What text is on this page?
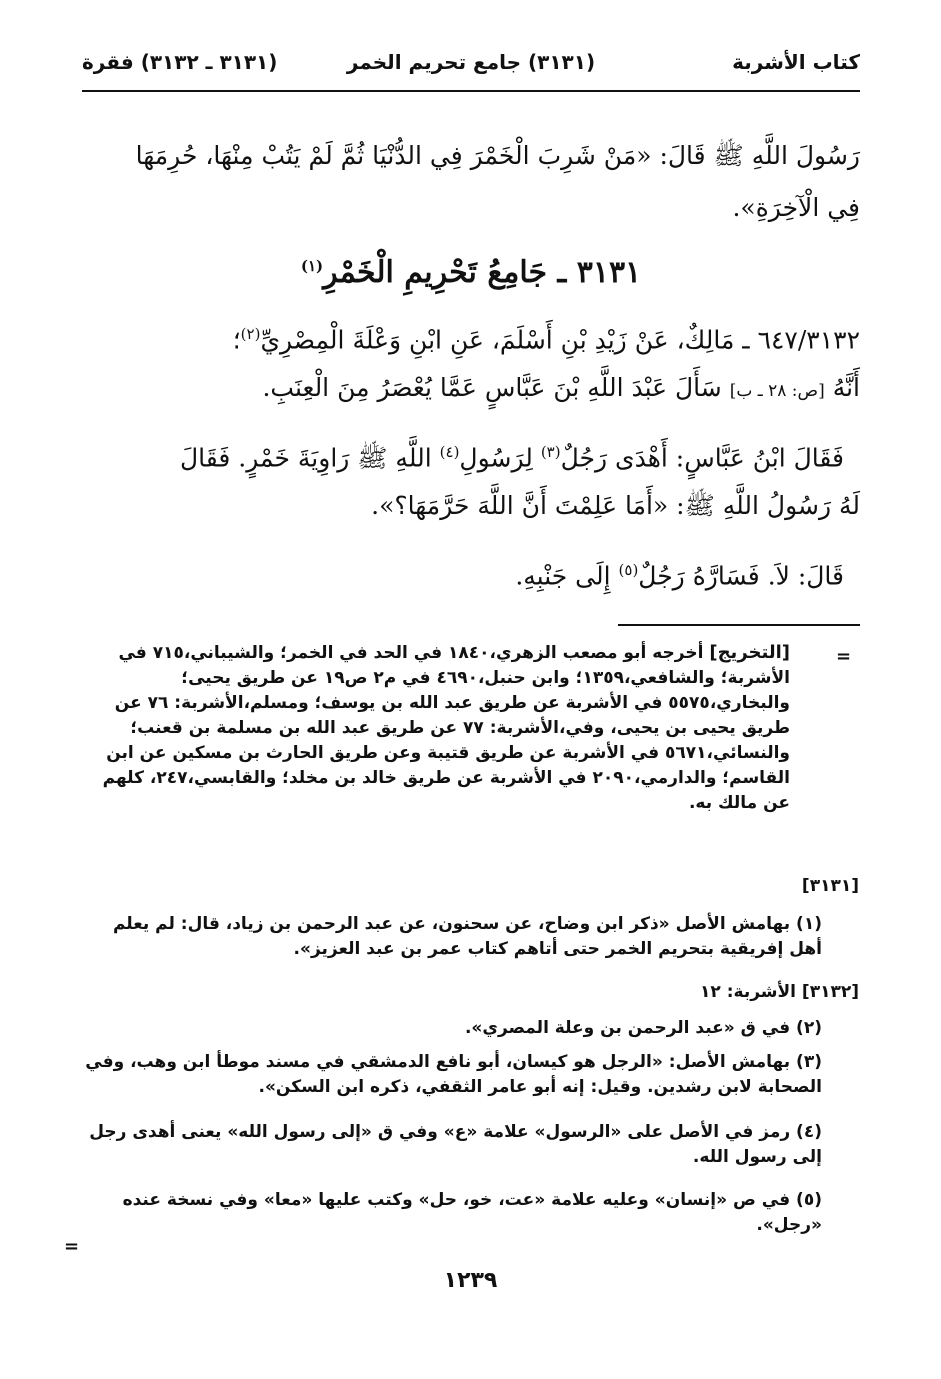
كتاب الأشربة
(٣١٣١) جامع تحريم الخمر
(٣١٣١ ـ ٣١٣٢) فقرة
رَسُولَ اللَّهِ ﷺ قَالَ: «مَنْ شَرِبَ الْخَمْرَ فِي الدُّنْيَا ثُمَّ لَمْ يَتُبْ مِنْهَا، حُرِمَهَا
فِي الْآخِرَةِ».
٣١٣١ ـ جَامِعُ تَحْرِيمِ الْخَمْرِ$^{(١)}$
٦٤٧/٣١٣٢ ـ مَالِكٌ، عَنْ زَيْدِ بْنِ أَسْلَمَ، عَنِ ابْنِ وَعْلَةَ الْمِصْرِيِّ$^{(٢)}$؛
أَنَّهُ [ص: ٢٨ ـ ب] سَأَلَ عَبْدَ اللَّهِ بْنَ عَبَّاسٍ عَمَّا يُعْصَرُ مِنَ الْعِنَبِ.
فَقَالَ ابْنُ عَبَّاسٍ: أَهْدَى رَجُلٌ$^{(٣)}$ لِرَسُولِ$^{(٤)}$ اللَّهِ ﷺ رَاوِيَةَ خَمْرٍ. فَقَالَ
لَهُ رَسُولُ اللَّهِ ﷺ: «أَمَا عَلِمْتَ أَنَّ اللَّهَ حَرَّمَهَا؟».
قَالَ: لاَ. فَسَارَّهُ رَجُلٌ$^{(٥)}$ إِلَى جَنْبِهِ.
=
[التخريج] أخرجه أبو مصعب الزهري،١٨٤٠ في الحد في الخمر؛ والشيباني،٧١٥ في الأشربة؛ والشافعي،١٣٥٩؛ وابن حنبل،٤٦٩٠ في م٢ ص١٩ عن طريق يحيى؛ والبخاري،٥٥٧٥ في الأشربة عن طريق عبد الله بن يوسف؛ ومسلم،الأشربة: ٧٦ عن طريق يحيى بن يحيى، وفي،الأشربة: ٧٧ عن طريق عبد الله بن مسلمة بن قعنب؛ والنسائي،٥٦٧١ في الأشربة عن طريق قتيبة وعن طريق الحارث بن مسكين عن ابن القاسم؛ والدارمي،٢٠٩٠ في الأشربة عن طريق خالد بن مخلد؛ والقابسي،٢٤٧، كلهم عن مالك به.
[٣١٣١]
(١) بهامش الأصل «ذكر ابن وضاح، عن سحنون، عن عبد الرحمن بن زياد، قال: لم يعلم أهل إفريقية بتحريم الخمر حتى أتاهم كتاب عمر بن عبد العزيز».
[٣١٣٢] الأشربة: ١٢
(٢) في ق «عبد الرحمن بن وعلة المصري».
(٣) بهامش الأصل: «الرجل هو كيسان، أبو نافع الدمشقي في مسند موطأ ابن وهب، وفي الصحابة لابن رشدين. وقيل: إنه أبو عامر الثقفي، ذكره ابن السكن».
(٤) رمز في الأصل على «الرسول» علامة «ع» وفي ق «إلى رسول الله» يعنى أهدى رجل إلى رسول الله.
(٥) في ص «إنسان» وعليه علامة «عت، خو، حل» وكتب عليها «معا» وفي نسخة عنده «رجل».
=
١٢٣٩
